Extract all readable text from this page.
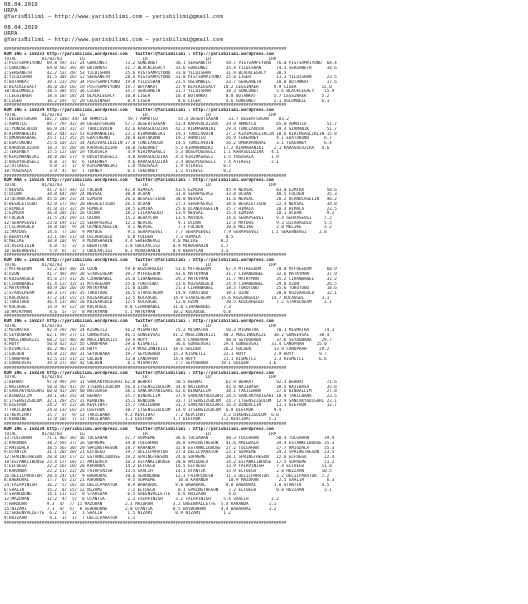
08.04.2019
URPA
@YarisBilimi — http://www.yarisbilimi.com — yarisbilimi@gmail.com
08.04.2019
URPA
@YarisBilimi — http://www.yarisbilimi.com — yarisbilimi@gmail.com
################################################################################################################
KUM ING = 158233 http://yarisbilimi.wordpress.com   twitter:@YarisBilimi : http://yarisbilimi.wordpress.com
TOTAL          81/82/83       LG                       LR                       LD                       LRP
3:PISTSAMPIYONU  69.8 59/ 31/ 24 GONCUNET       73.2 GONCUNET       38.1 SERGANETH      58.7 PISTSAMPIYONU  76.0 PISTSAMPIYONU  68.4
1:GONCUNET       69.0 56/ 39/ 49 BOTANKAT       31.7 BLACKLEGACY    33.6 GONCUNET       35.4 YILDISHAN      74.3 SERGANETH      34.6
2:SERGANETH      42.2 53/ 28/ 53 YILDISHAN      25.6 PISTSAMPIYONU  33.0 YILDISHAN      31.9 BLACKLEGACY    30.5
4:YILDISHAN      41.5 30/ 26/ 12 SERGANETH      28.4 PISTSAMPIYONU  31.0 PISTSAMPIYONU  25.0 LIGER          11.3 YILDISHAN      23.5
5:BOTANKAT       39.1 23/ 29/ 34 PISTSAMPIYONU  19.8 YILDISHAN      23.5 OGLUMBELL      23.7 SERGANETH      10.0 BOTANKAT       17.6
6:BLACKLEGACY    36.0 26/ 16/ 19 PISTSAMPIYONU  19.7 BOTANKAT       22.9 BLACKLEGACY   18.2 LEGSINAER      9.9 LIGER          12.0
10:OGLUMBELL     38.5 38/ 55/ 36 LIGER          15.7 SERGANETH      21.7 YILDISHAN      18.3 GONCUNET       5.6 BLACKLEGACY    15.9
7:LEGSINAER      18.4 18/ 18/ 24 BLACKLEGACY    10.8 LIGER          10.4 BOTANKAT       8.8 BOTANKAT       5.7 LEGSINAER      5.2
8:LIGER          16.2 19/  5/ 29 LEGSINAER       8.9 LIGER           8.6 LIGER          4.6 GONCUNET       2.1 OGLUMBELL      6.1
################################################################################################################
KUM ING = 158234 http://yarisbilimi.wordpress.com   twitter:@YarisBilimi : http://yarisbilimi.wordpress.com
TOTAL          81/82/83       LG                       LR                       LD                       LRP
7:DESERTSAGAN   102.7 106/ 44/ 18 AHMUTLU        59.7 AHMUTLU        55.4 DESERTSAGAN    31.7 DESERTSAGAN    83.2
1:AHMUTLU        89.7 79/ 42/ 39 DESERTSAGAN    57.7 DESERTSAGAN    53.4 KARASULUZIRA   29.9 AHMUTLU        65.0 AHMUTLU        51.7
11:YUNUSLADIN    66.9 24/ 31/ 37 TUNCLAVDIN     42.6 KARASULUZIRA   42.2 KIRMAHANIKI    29.4 TUNCLAVDIN     39.4 SIRMANIK       51.7
8:KIRMANHEIKI    48.2 44/ 32/ 53 KIRMANHEIKI    23.1 KIRMANHEIKI    19.3 TUNCLAVDIN     27.2 KIRIMSAGLIKLIN 18.6 KIRIMSAGLIKLIN 15.8
5:OMURVRABAAL    25.1 11/ 35/ 25 EDATOKONU      20.0 EDATOKONU      19.2 AHMUTLU        26.9 TEKERNEY       4.1 EDATOKONU      6.7
6:EDATOKONU      25.6 10/ 22/ 34 ALKIVAALIUZLIN 17.8 TUNCLAVDIN     14.5 TUNCLAVDIN     26.2 OMURVRABAAL    3.1 TEKERNEY       6.4
4:KARASULUZIRA   18.3  6/ 20/ 18 KARASULUZIRA   10.0 TEKERNEY       5.3 KIRMAHANIKI    17.2 KIRMAHANIKI    2.1 KARASULUZIRA   4.6
2:TEKERNEY       15.5 12/ 10/ 19 YUGUSALA        4.9 KIRIMASAGLI    5.3 BOSOYUGUSELI   1.1 KARASULUZIRA   4.1
9:KIRIMHANEIKI   18.8 20/ 17/  9 BOSOYUGUSELI    4.8 KARASULUZIRA   4.4 KIRIMASAGLI    1.5 YUGUSALA       1.9
3:BOSOYUGUSELI    8.0  2/  8/  6 TEKERNEY        4.6 KARASULUZIRA   3.4 BOSOYUGUSELI   7.4 ATIKESI        2.1
12:ATIKESI        4.8  2/  1/  9 KIRIMHANEIKI    1.8 YUGUSALA       1.9 ATIKESI        0.7
10:YUGUSALA       3.9  4/  0/  7 TEKNEY          0.5 TEKERNEY       1.2 ATIKESI        0.2
################################################################################################################
KUM ANA = 158235 http://yarisbilimi.wordpress.com   twitter:@YarisBilimi : http://yarisbilimi.wordpress.com
TOTAL          81/82/83       LG                       LR                       LD                       LRP
7:NEVSAL         41.2 67/ 34/ 22 FULDEN         42.9 HIMALA         43.5 EZMIRA         45.9 NEVSAL         83.0 EZMIRA         50.6
5:UCUAN          38.8 64/ 20/ 24 NEVSAL         30.0 UCUAN          31.8 SERAPSEVGI     33.0 UCUAN          48.5 FULDEN         35.3
13:UCANUCAGELIN  45.6 28/ 23/ 24 EZMIRA         26.6 BESALETIGUD    30.0 NEVSAL         31.6 NEVSAL         28.2 UCANUCAGELIN   46.2
4:BESALETIGUD    42.0 17/ 56/ 28 BESALETIGUD    26.5 UCUAN          27.3 SERAPSEVGI     18.6 BESALETIGUD    22.4 NEVSAL         34.8
3:HIMALA         41.0 31/ 32/ 29 HIMALA         18.5 EZMIRA         25.0 UCANUCAGELIN   15.7 HIMALA         20.4 HIMALA         23.5
1:EZMIRA         36.8 20/ 24/ 26 UCUAN          18.2 CILARAGOLU     13.9 NEVSAL         15.4 EZMIRA         18.1 UCUAN          9.2
9:FULDEN         31.5 24/ 29/ 11 UCUAN          15.2 BERAYCAN       13.5 MAYDOS         14.6 SERAPSEVGI     9.4 SERAPSEVGI     7.2
12:SERAPSEVGI    23.0 19/ 11/ 15 SERAPSEVGI     12.1 NEVSAL          9.1 UCUAN          12.4 MAYDOS         9.3 DILARAGOLU     5.5
2:CILARAGOLU     18.8 10/  9/ 14 UCANUCAGELIN    9.1 NEVSAL          7.3 FULDEN         10.6 MELIKE         2.0 MELIKE         3.2
11:MAYDOS        14.4  7/ 18/  9 MAYDOS          9.1 SERAPSEVGI     7.7 SERAPSEVGI     7.9 SERAPSEVGI     1.1 SEKERNEVGI     2.0
6:BERAYCAN       13.1 10/ 11/ 14 DILARAGOLU      6.8 FULDEN         7.2 HIMALA          8.5
8:MELIKE         10.8 10/  9/  9 MINOSHAHIN     4.4 SEKERNEVGI     4.0 MELIKE         8.2
14:ASIRLIGIN      6.8  5/  3/  3 BEBATCAN       3.8 ODULAVCISI     0.9 MINOSHAHIN     5.7
10:SEKERNEVGI     5.9  6/  3/  2 ODULAVCISI     0.1 MINOSHAHIN     0.9 BERAYCAN       3.5
################################################################################################################
KUM ING = 158236 http://yarisbilimi.wordpress.com   twitter:@YarisBilimi : http://yarisbilimi.wordpress.com
TOTAL          81/82/83       LG                       LR                       LD                       LRP
7:MTFREEDOM      52.2 83/ 30/ 24 OZUN           59.8 KUZGARGOLD     53.6 MTFREEDOM      67.4 MTFREEDOM      70.0 MTFREEDOM      60.9
4:OZUN           41.7 49/ 39/ 30 STARSCREAM     39.7 MTFREEDOM      43.6 MATKYMAN       31.7 CIHANBABEL     32.6 MATKYMAN       37.9
8:KUZGARGOLU     45.6 27/ 31/ 26 CIHANBABEL     35.6 CIHANBABEL     29.2 MATKYMAN       31.7 MATKYMAN       35.2 CIHANBABEL     32.2
6:CIHANBABEL     41.4 12/ 33/ 31 MTFREEDOM      25.6 TOKOTOBO       23.6 KUZGARGOLD     24.4 CIHANBABEL     29.8 OZUN           26.5
3:MATKYMAN       40.9 20/ 20/ 19 MATKYMAN       21.0 OZUN           21.3 CIHANBABEL     18.5 TOKOTOBO       25.6 TOKOTOBO       18.6
2:STARSCREAM     38.3 17/ 24/ 35 TOKOTOBO       16.5 STARSCREAM     14.9 TOKOTOBO       18.1 OZUN           20.8 KUZGARGOLD     12.1
5:KOCAOGUL       37.2 14/ 15/ 21 KUZGARGOLD     13.5 KOCAOGUL      14.9 STARSCREAM    15.6 KUZGARGOLD     14.7 KOCAOGUL       3.1
1:TOKOTOBO       36.4 13/ 30/ 18 KUZGARGOLD     12.5 KOCAOGUL       12.8 OZUN           10.5 KUZGARGOLD     7.2 STARSCREAM     2.1
9:KOCAGUL        14.9  9/ 12/ 10 KOCAOGUL       8.8 CIHANBABEL     11.0 CIHANBABEL     7.3
10:MATKYMAN       8.6  5/  5/  8 MATKYMAN       5.1 MATKYMAN       10.2 KOCAOGUL       6.8
################################################################################################################
KUM ING = 158237 http://yarisbilimi.wordpress.com   twitter:@YarisBilimi : http://yarisbilimi.wordpress.com
TOTAL          81/82/83       LG                       LR                       LD                       LRP
1:MISMATRA       92.9 79/ 70/ 24 KISMETLI       56.2 MISMATRA       75.2 MISMATRA       50.3 MISMATRA       78.1 MISMATRA      74.3
8:SEYDOBABA      62.1 59/ 27/ 11 GUNSEVSAI      46.1 GUNSEVSAI     41.2 MUGCINNIKIZI   48.2 MUGCINNIKIZI   38.2 GUNSEVSAI    30.4
6:MUGCINNIKIZI   60.2 52/ 40/ 38 MUGCINNIKIZI   39.9 HUYY           38.5 CANOPRAH       40.0 SEYDOBABA      37.6 SEYDOBABA    29.7
4:HUYY           50.0 42/ 32/ 55 CANOPRAH       29.6 KISMETLI       36.6 GUNSEVSAI     29.4 GUNSEVSAI     31.4 CANOPRAH     25.0
5:KISMETLI       46.2 46/ 21/ 14 HUYY           22.9 MUGCINNIKIZI  18.6 GOLDEN         26.2 GOLDEN         13.9 CANOPRAH     29.2
2:GOLDEN         44.0 22/ 30/ 31 SEYDOBABA      19.7 SEYDOBABA     15.3 KISMETLI       22.1 HUYY           2.9 HUYY          9.7
7:CANOPRAH       42.5 31/ 31/ 22 GOLDEN         13.8 CANOPRAH      14.4 HUYY           21.1 KISMETLI       1.3 KISMETLI      6.6
3:GUNSEVSAI      39.0 27/ 30/ 42 GOLDEN          8.1 MISMATRA       7.7 SEYDOBABA     19.1 GOLDEN        1.6
################################################################################################################
KUM ING = 158238 http://yarisbilimi.wordpress.com   twitter:@YarisBilimi : http://yarisbilimi.wordpress.com
TOTAL          81/82/83       LG                       LR                       LD                       LRP
2:BEHRAT         97.8 99/ 29/ 31 SANCAKYADIGARI 62.8 BEHRAT         58.5 BEHRAT         62.9 BEHRAT         92.3 BEHRAT         71.6
1:NAJIBASA       58.0 56/ 41/ 29 ITSENSIZGULUM  56.4 ITSENSIZGULUM  34.8 NAJIBASA       42.6 NAJIBASA       38.5 NAJIBASA       35.6
8:SANCAKYADIGARI 60.0 43/ 28/ 40 NAJIBASA       38.1 SANCAKYADIGARI 42.6 BINDALLIM      38.1 TAKILBANA      27.6 BINDALLIM      27.8
3:BINDALLIM      39.1 34/ 25/ 34 BEHRAT         35.7 BINDALLIM      37.9 SANCAKYADIGARI 28.5 SANCAKYADIGARI 18.9 TAKILBANA      23.5
6:ITSENSIZGULUM  32.1 20/ 25/ 31 KENDINE        35.1 KENDINE        33.7 ITSENSIZGULUM  24.7 ITSENSIZGULUM  12.9 SANCAKYADIGARI 22.1
9:DIEFRUK        24.2  9/ 22/ 20 KEVCIHAT       15.7 TAKILBANA      33.2 SANCAKYADIGARI 16.4 BINDALLIM      11.1 DIEFRUK        12.7
7:TAKILBANA      24.0 13/ 16/ 23 DIEFRUK        10.7 ITSENSIZGULUM  14.9 ITSENSIZGULUM  6.8 DIEFRUK        9.4
11:KEVCIHAT      15.7  5/  9/ 13 TAKILBANA      9.2 KEVCIHAT        7.2 KEVCIHAT       4.2 DIKENSIZGULUM  6.0
4:KENDINE        12.0 10/  7/ 13 TAKILBANA      1.3 DIEFRUK        1.7 DIEFRUK        1.2 KEVCIHAT       5.1
################################################################################################################
KUM ING = 158239 http://yarisbilimi.wordpress.com   twitter:@YarisBilimi : http://yarisbilimi.wordpress.com
TOTAL          81/82/83       LG                       LR                       LD                       LRP
13:TOLGAHAN      71.1 96/ 38/ 36 TOLGAHAN       37.7 SUPREME        36.6 TOLGAHAN       40.3 TOLGAHAN       58.4 TOLGAHAN      39.9
2:KARANDA        38.2 59/ 37/ 16 SUPREME        34.8 TOLGAHAN       36.8 SPRINGTHESUN   41.6 AMIGDALA       34.4 ESTANKLIBOUSE 35.3
1:AMIGDALA       38.5 56/ 30/ 29 SPRINGTHESUN   28.7 KARANDA        32.8 ESTANKLIBOUSE  27.2 TOLGAHAN       27.7 AMIGDALA      35.3
9:OTANTIK        31.1 20/ 20/ 21 ELFUEGO        19.7 DELILPARATOR   27.4 DELILPARATOR   23.1 SUPREME        29.2 SPRINGTHESUN  23.5
12:SPRINGTHESUN  20.8 18/ 17/ 22 ESTANKLIBOUSE  19.2 SPRINGTHESUN   24.0 SUPREME        20.1 SPRINGTHESUN   22.6 ELFUEGO       22.4
10:ESTANKLIBOUSE 23.4 17/ 18/ 17 AMIGDALA       16.3 ESTANKLIBOUSE  20.0 AMIGDALA       14.2 ESTANKLIBOUSE  17.5 SUPREME       21.2
5:ELFUEGO        22.2 16/ 10/ 20 KARANDA        14.2 ELFUEGO        16.5 ELFUEGO        13.9 FAIRPINISH     7.4 ELFUEGO       11.8
4:KARANDA        22.2 11/ 22/ 20 FAIRPINISH     13.5 SAALIH         14.1 OTANTIK        13.9 ELFUEGO        2.0 HUZZAAN       10.5
16:DELILPARATOR  20.4 24/ 14/  9 BABAURAL       10.6 SERHUDONE      12.3 FAIRPINISH     11.3 DELILPARATOR   2.2 DELILPARATOR  7.2
8:BABAURAL       17.7  6/ 21/ 21 KARANDA         9.5 SUPREME         10.0 KARANDA        10.9 MAZURAN        2.5 SAALIH         6.3
14:FAIRPINISH    16.2  5/ 16/ 16 DELILPARATOR    8.9 BABAURAL       8.8 BABAURAL        8.0 BABAURAL       1.8 OTANTIK        4.5
6:SAALIH         15.2  8/ 15/ 12 NIZAMI          7.1 ELFUEGO         8.1 SPRINGTHESUN    7.2 ELFUEGO        0.8 HUZZAAN        3.1
3:SERHUDONE      14.1 11/ 12/  8 STARSOAR        6.5 GREENVALLETTE   6.8 HUZZAAN         4.6
12:MAZURAN       12.2  4/  5/  8 OTANTIK         2.3 FAIRPINISH     3.2 FAIRPINISH     5.4 SAALIH         2.2
7:HARDUAN        9.3  4/  7/ 11 MAZURAN         2.3 MAZURAN        3.2 GREENVALLETTE  5.4 KARANDA        1.1
15:NIZAMI        7.3  4/  5/  8 SERHUDONE       2.0 OTANTIK        0.5 BAYBURHAN      4.4 BABAURAL       1.2
11:GREENVALLETTE  6.2  1/  2/  1 SAALIH          1.5 NIZAMI         0.9 NIZAMI         1.2
9:HUZZAAN         4.1  3/  1/  7 DELILPARATOR    1.1
################################################################################################################
